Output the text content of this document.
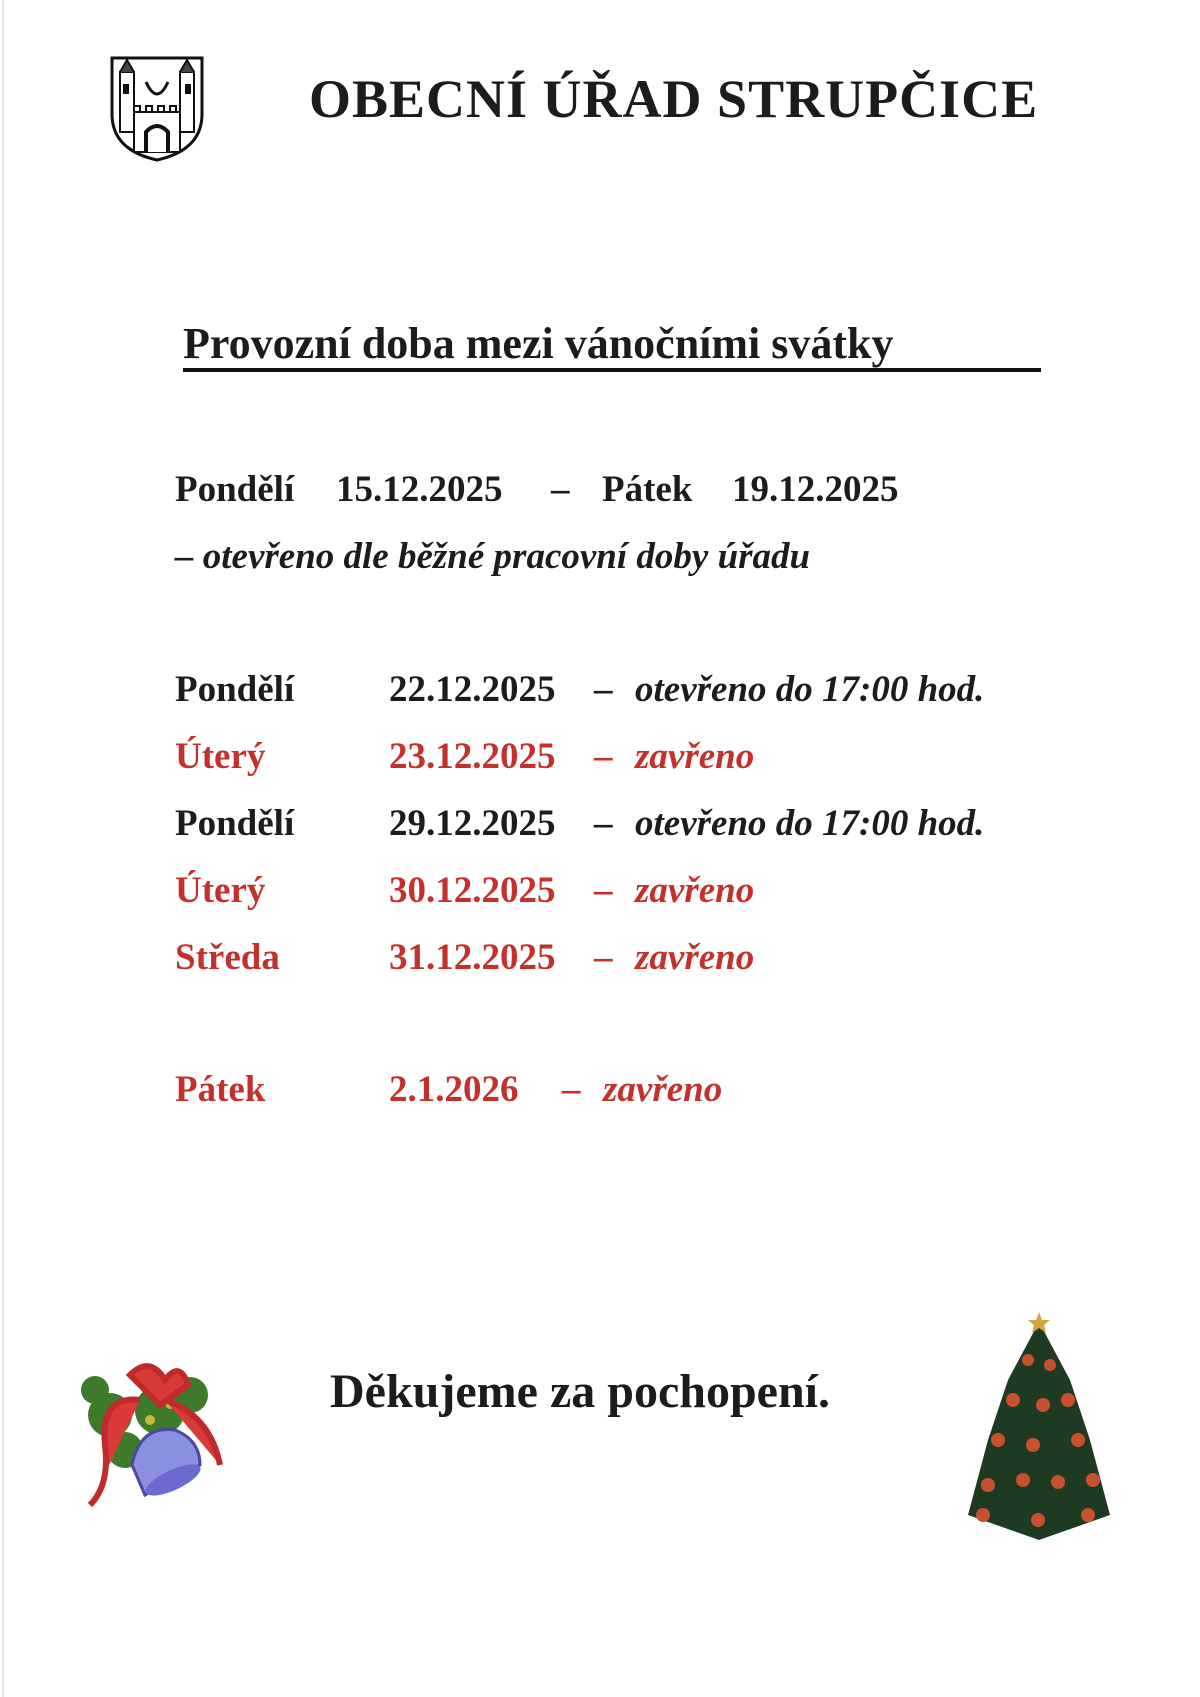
OBECNÍ ÚŘAD STRUPČICE
Provozní doba mezi vánočními svátky
Pondělí 15.12.2025 – Pátek 19.12.2025
– otevřeno dle běžné pracovní doby úřadu
Pondělí	22.12.2025 – otevřeno do 17:00 hod.
Úterý	23.12.2025 – zavřeno
Pondělí	29.12.2025 – otevřeno do 17:00 hod.
Úterý	30.12.2025 – zavřeno
Středa	31.12.2025 – zavřeno
Pátek	2.1.2026 – zavřeno
Děkujeme za pochopení.
